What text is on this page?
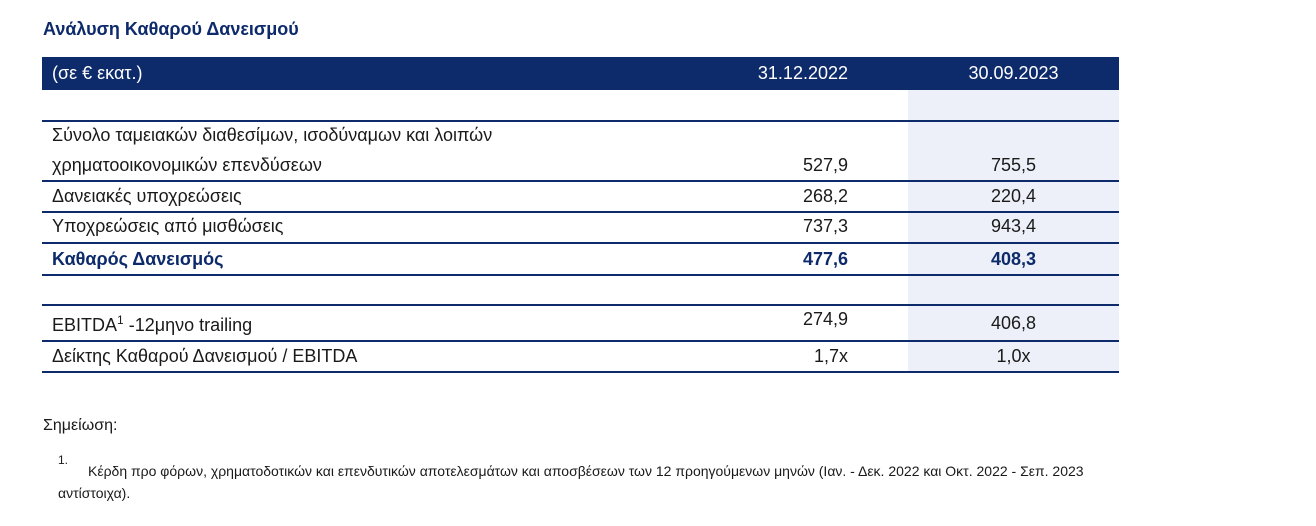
Ανάλυση Καθαρού Δανεισμού
(σε € εκατ.)	31.12.2022	30.09.2023
Σύνολο ταμειακών διαθεσίμων, ισοδύναμων και λοιπών
χρηματοοικονομικών επενδύσεων	527,9	755,5
Δανειακές υποχρεώσεις	268,2	220,4
Υποχρεώσεις από μισθώσεις	737,3	943,4
Καθαρός Δανεισμός	477,6	408,3
EBITDA$^1$ -12μηνο trailing	274,9	406,8
Δείκτης Καθαρού Δανεισμού / EBITDA	1,7x	1,0x
Σημείωση:
1.
Κέρδη προ φόρων, χρηματοδοτικών και επενδυτικών αποτελεσμάτων και αποσβέσεων των 12 προηγούμενων μηνών (Ιαν. - Δεκ. 2022 και Οκτ. 2022 - Σεπ. 2023
αντίστοιχα).
